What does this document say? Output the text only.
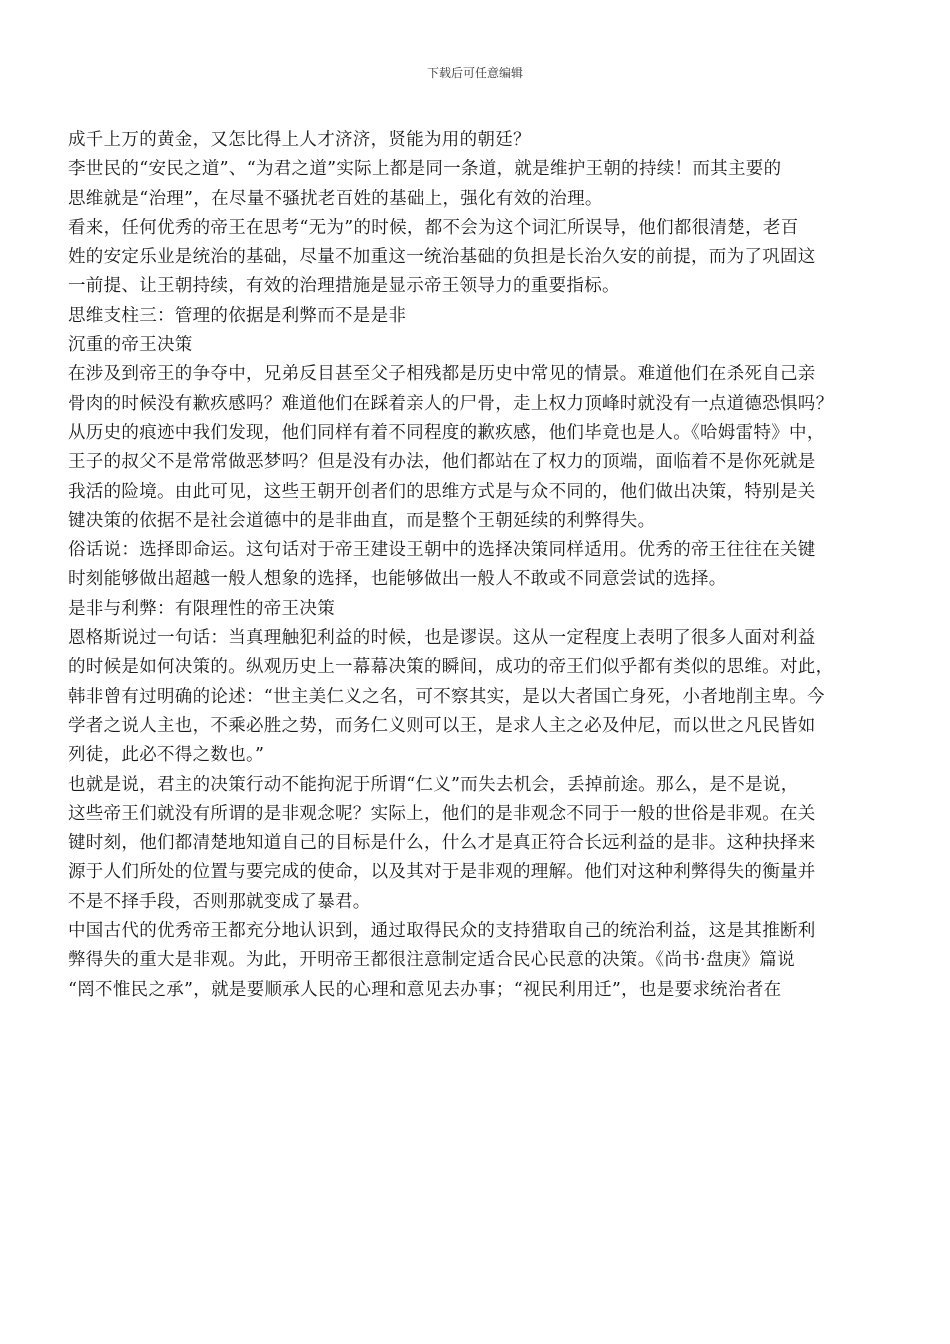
下载后可任意编辑
成千上万的黄金，又怎比得上人才济济，贤能为用的朝廷？
李世民的“安民之道”、“为君之道”实际上都是同一条道，就是维护王朝的持续！而其主要的
思维就是“治理”，在尽量不骚扰老百姓的基础上，强化有效的治理。
看来，任何优秀的帝王在思考“无为”的时候，都不会为这个词汇所误导，他们都很清楚，老百
姓的安定乐业是统治的基础，尽量不加重这一统治基础的负担是长治久安的前提，而为了巩固这
一前提、让王朝持续，有效的治理措施是显示帝王领导力的重要指标。
思维支柱三：管理的依据是利弊而不是是非
沉重的帝王决策
在涉及到帝王的争夺中，兄弟反目甚至父子相残都是历史中常见的情景。难道他们在杀死自己亲
骨肉的时候没有歉疚感吗？难道他们在踩着亲人的尸骨，走上权力顶峰时就没有一点道德恐惧吗？
从历史的痕迹中我们发现，他们同样有着不同程度的歉疚感，他们毕竟也是人。《哈姆雷特》中，
王子的叔父不是常常做恶梦吗？但是没有办法，他们都站在了权力的顶端，面临着不是你死就是
我活的险境。由此可见，这些王朝开创者们的思维方式是与众不同的，他们做出决策，特别是关
键决策的依据不是社会道德中的是非曲直，而是整个王朝延续的利弊得失。
俗话说：选择即命运。这句话对于帝王建设王朝中的选择决策同样适用。优秀的帝王往往在关键
时刻能够做出超越一般人想象的选择，也能够做出一般人不敢或不同意尝试的选择。
是非与利弊：有限理性的帝王决策
恩格斯说过一句话：当真理触犯利益的时候，也是谬误。这从一定程度上表明了很多人面对利益
的时候是如何决策的。纵观历史上一幕幕决策的瞬间，成功的帝王们似乎都有类似的思维。对此，
韩非曾有过明确的论述：“世主美仁义之名，可不察其实，是以大者国亡身死，小者地削主卑。今
学者之说人主也，不乘必胜之势，而务仁义则可以王，是求人主之必及仲尼，而以世之凡民皆如
列徒，此必不得之数也。”
也就是说，君主的决策行动不能拘泥于所谓“仁义”而失去机会，丢掉前途。那么，是不是说，
这些帝王们就没有所谓的是非观念呢？实际上，他们的是非观念不同于一般的世俗是非观。在关
键时刻，他们都清楚地知道自己的目标是什么，什么才是真正符合长远利益的是非。这种抉择来
源于人们所处的位置与要完成的使命，以及其对于是非观的理解。他们对这种利弊得失的衡量并
不是不择手段，否则那就变成了暴君。
中国古代的优秀帝王都充分地认识到，通过取得民众的支持猎取自己的统治利益，这是其推断利
弊得失的重大是非观。为此，开明帝王都很注意制定适合民心民意的决策。《尚书·盘庚》篇说
“罔不惟民之承”，就是要顺承人民的心理和意见去办事；“视民利用迁”，也是要求统治者在
